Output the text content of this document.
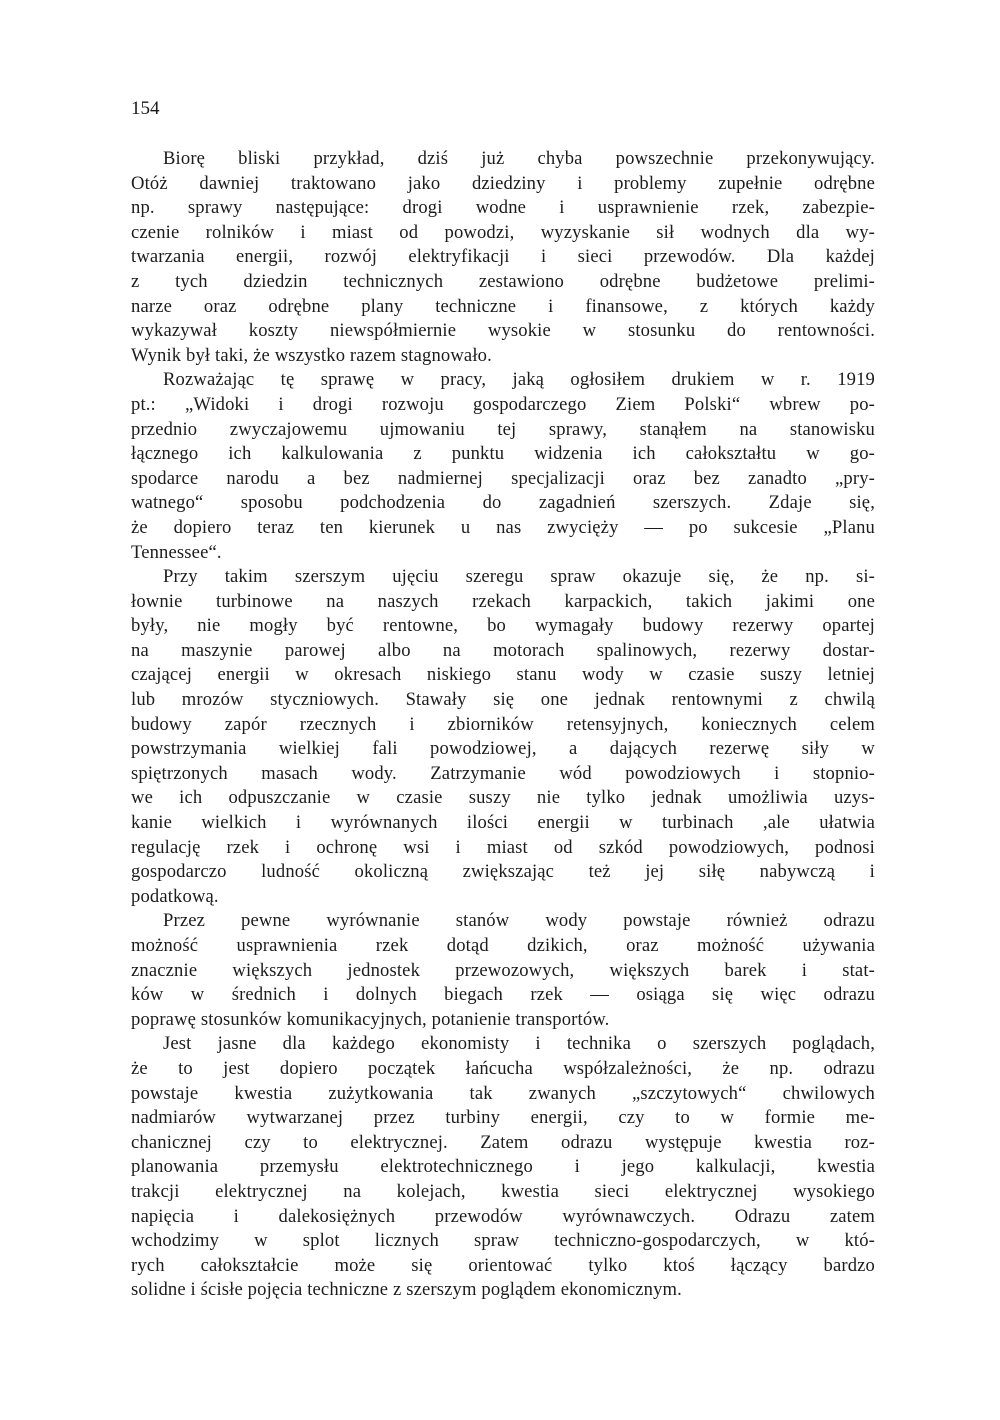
154
Biorę bliski przykład, dziś już chyba powszechnie przekonywujący.
Otóż dawniej traktowano jako dziedziny i problemy zupełnie odrębne
np. sprawy następujące: drogi wodne i usprawnienie rzek, zabezpie-
czenie rolników i miast od powodzi, wyzyskanie sił wodnych dla wy-
twarzania energii, rozwój elektryfikacji i sieci przewodów. Dla każdej
z tych dziedzin technicznych zestawiono odrębne budżetowe prelimi-
narze oraz odrębne plany techniczne i finansowe, z których każdy
wykazywał koszty niewspółmiernie wysokie w stosunku do rentowności.
Wynik był taki, że wszystko razem stagnowało.
Rozważając tę sprawę w pracy, jaką ogłosiłem drukiem w r. 1919
pt.: „Widoki i drogi rozwoju gospodarczego Ziem Polski“ wbrew po-
przednio zwyczajowemu ujmowaniu tej sprawy, stanąłem na stanowisku
łącznego ich kalkulowania z punktu widzenia ich całokształtu w go-
spodarce narodu a bez nadmiernej specjalizacji oraz bez zanadto „pry-
watnego“ sposobu podchodzenia do zagadnień szerszych. Zdaje się,
że dopiero teraz ten kierunek u nas zwycięży — po sukcesie „Planu
Tennessee“.
Przy takim szerszym ujęciu szeregu spraw okazuje się, że np. si-
łownie turbinowe na naszych rzekach karpackich, takich jakimi one
były, nie mogły być rentowne, bo wymagały budowy rezerwy opartej
na maszynie parowej albo na motorach spalinowych, rezerwy dostar-
czającej energii w okresach niskiego stanu wody w czasie suszy letniej
lub mrozów styczniowych. Stawały się one jednak rentownymi z chwilą
budowy zapór rzecznych i zbiorników retensyjnych, koniecznych celem
powstrzymania wielkiej fali powodziowej, a dających rezerwę siły w
spiętrzonych masach wody. Zatrzymanie wód powodziowych i stopnio-
we ich odpuszczanie w czasie suszy nie tylko jednak umożliwia uzys-
kanie wielkich i wyrównanych ilości energii w turbinach ,ale ułatwia
regulację rzek i ochronę wsi i miast od szkód powodziowych, podnosi
gospodarczo ludność okoliczną zwiększając też jej siłę nabywczą i
podatkową.
Przez pewne wyrównanie stanów wody powstaje również odrazu
możność usprawnienia rzek dotąd dzikich, oraz możność używania
znacznie większych jednostek przewozowych, większych barek i stat-
ków w średnich i dolnych biegach rzek — osiąga się więc odrazu
poprawę stosunków komunikacyjnych, potanienie transportów.
Jest jasne dla każdego ekonomisty i technika o szerszych poglądach,
że to jest dopiero początek łańcucha współzależności, że np. odrazu
powstaje kwestia zużytkowania tak zwanych „szczytowych“ chwilowych
nadmiarów wytwarzanej przez turbiny energii, czy to w formie me-
chanicznej czy to elektrycznej. Zatem odrazu występuje kwestia roz-
planowania przemysłu elektrotechnicznego i jego kalkulacji, kwestia
trakcji elektrycznej na kolejach, kwestia sieci elektrycznej wysokiego
napięcia i dalekosiężnych przewodów wyrównawczych. Odrazu zatem
wchodzimy w splot licznych spraw techniczno-gospodarczych, w któ-
rych całokształcie może się orientować tylko ktoś łączący bardzo
solidne i ścisłe pojęcia techniczne z szerszym poglądem ekonomicznym.
